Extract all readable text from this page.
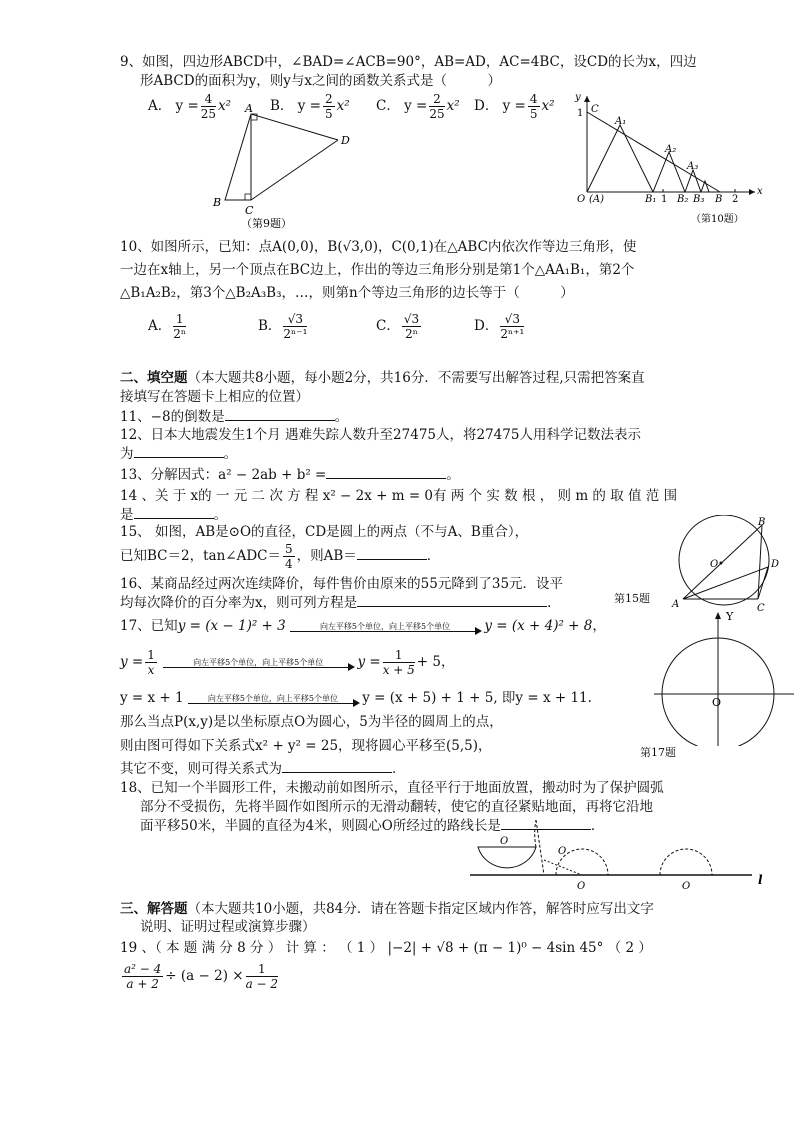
9、如图，四边形ABCD中，∠BAD=∠ACB=90°，AB=AD，AC=4BC，设CD的长为x，四边
形ABCD的面积为y，则y与x之间的函数关系式是（　　　）
A． $y = \frac{4}{25} x^2$	B． $y = \frac{2}{5} x^2$ C． $y = \frac{2}{25} x^2$ D． $y = \frac{4}{5} x^2$
A
B
C
D
（第9题）
y
x
1 C
O (A)
A₁
A₂
A₃
B₁ 1 B₂ B₃ B 2
（第10题）
10、如图所示，已知：点A(0,0)，B(√3,0)，C(0,1)在△ABC内依次作等边三角形，使
一边在x轴上，另一个顶点在BC边上，作出的等边三角形分别是第1个△AA₁B₁，第2个
△B₁A₂B₂，第3个△B₂A₃B₃，…，则第n个等边三角形的边长等于（　　　）
A． $\frac{1}{\text{2ⁿ}}$	B． $\frac{√3}{\text{2ⁿ⁻¹}}$	C． $\frac{√3}{\text{2ⁿ}}$	D． $\frac{√3}{\text{2ⁿ⁺¹}}$
二、填空题（本大题共8小题，每小题2分，共16分．不需要写出解答过程,只需把答案直
接填写在答题卡上相应的位置）
11、−8的倒数是	。
12、日本大地震发生1个月 遇难失踪人数升至27475人，将27475人用科学记数法表示
为	。
13、分解因式：a² − 2ab + b² =	。
14 、关 于 x的 一 元 二 次 方 程 x² − 2x + m = 0有 两 个 实 数 根 ， 则 m 的 取 值 范 围
是	。
15、 如图，AB是⊙O的直径，CD是圆上的两点（不与A、B重合），
已知BC＝2，tan∠ADC＝ $\frac{5}{4}$ ，则AB＝	．
O
B
D
C
A
第15题
16、某商品经过两次连续降价，每件售价由原来的55元降到了35元．设平
均每次降价的百分率为x，则可列方程是	．
17、已知y = (x − 1)² + 3	向左平移5个单位，向上平移5个单位	y = (x + 4)² + 8，
$y = \frac{1}{x}$
	向左平移5个单位，向上平移5个单位	$y = \frac{1}{x + 5} + 5$，
y = x + 1	向左平移5个单位，向上平移5个单位	y = (x + 5) + 1 + 5, 即y = x + 11.
那么当点P(x,y)是以坐标原点O为圆心，5为半径的圆周上的点，
则由图可得如下关系式x² + y² = 25，现将圆心平移至(5,5)，
其它不变，则可得关系式为	．
Y
O
第17题
18、已知一个半圆形工件，未搬动前如图所示，直径平行于地面放置，搬动时为了保护圆弧
部分不受损伤，先将半圆作如图所示的无滑动翻转，使它的直径紧贴地面，再将它沿地
面平移50米，半圆的直径为4米，则圆心O所经过的路线长是	．
O
O
O	O	l
三、解答题（本大题共10小题，共84分．请在答题卡指定区域内作答，解答时应写出文字
说明、证明过程或演算步骤）
19 、（ 本 题 满 分 8 分 ） 计 算 ： （ 1 ） |−2| + √8 + (π − 1)⁰ − 4sin 45° （ 2 ）
$\frac{\text{a² − 4}}{a + 2} \div (a - 2) \times \frac{1}{a - 2}$
